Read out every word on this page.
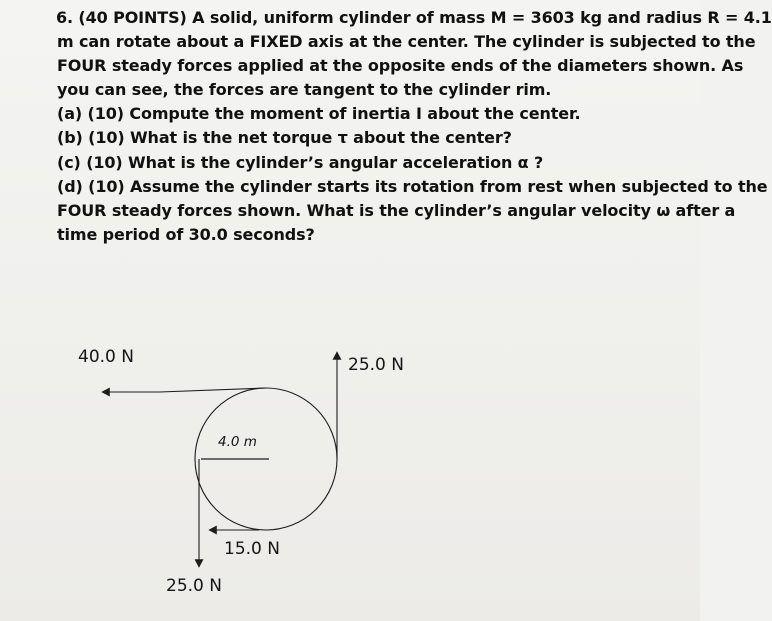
6. (40 POINTS) A solid, uniform cylinder of mass M = 3603 kg and radius R = 4.1
m can rotate about a FIXED axis at the center. The cylinder is subjected to the
FOUR steady forces applied at the opposite ends of the diameters shown. As
you can see, the forces are tangent to the cylinder rim.
(a) (10) Compute the moment of inertia I about the center.
(b) (10) What is the net torque τ about the center?
(c) (10) What is the cylinder’s angular acceleration α ?
(d) (10) Assume the cylinder starts its rotation from rest when subjected to the
FOUR steady forces shown. What is the cylinder’s angular velocity ω after a
time period of 30.0 seconds?
40.0 N	25.0 N
4.0 m
15.0 N
25.0 N
